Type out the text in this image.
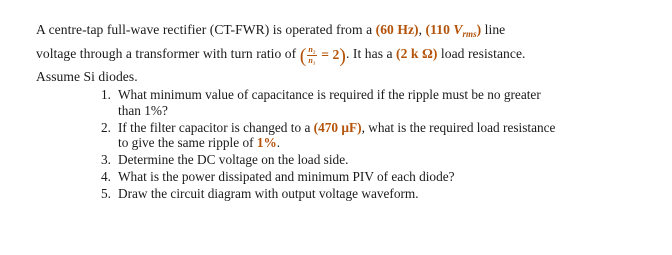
A centre-tap full-wave rectifier (CT-FWR) is operated from a (60 Hz), (110 $V_{rms}$) line
voltage through a transformer with turn ratio of ( $\frac{\text{n₂}}{\text{n₁}} = 2$). It has a (2 k Ω) load resistance.
Assume Si diodes.
1. What minimum value of capacitance is required if the ripple must be no greater
than 1%?
2. If the filter capacitor is changed to a (470 µF), what is the required load resistance
to give the same ripple of 1%.
3. Determine the DC voltage on the load side.
4. What is the power dissipated and minimum PIV of each diode?
5. Draw the circuit diagram with output voltage waveform.
